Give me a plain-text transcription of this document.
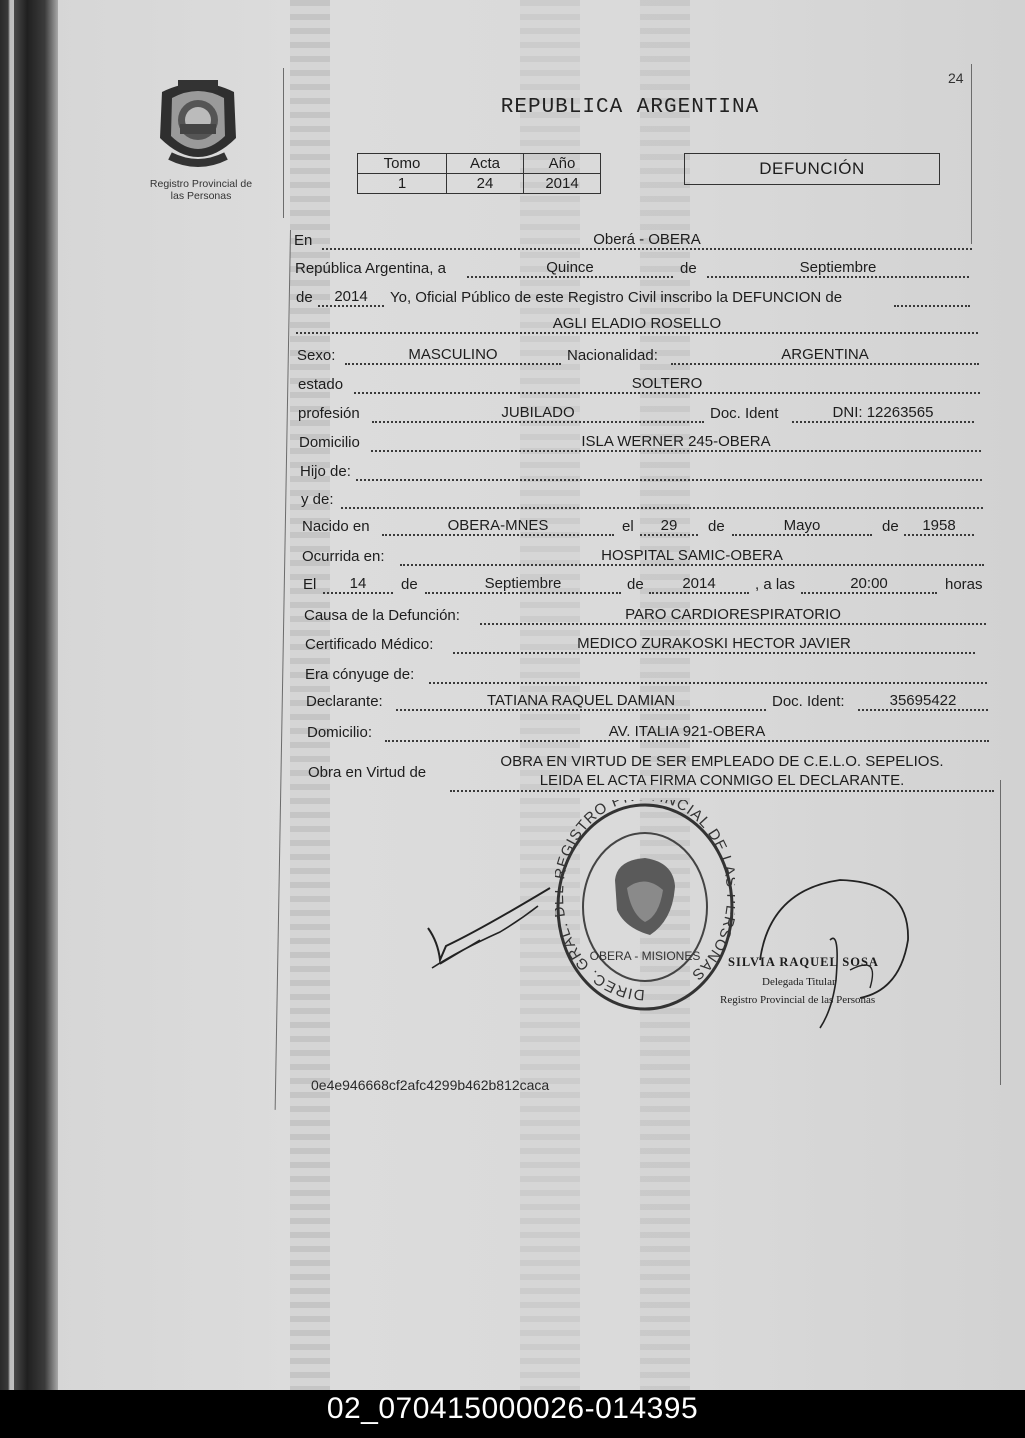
Registro Provincial de
las Personas
24
REPUBLICA ARGENTINA
Tomo	Acta	Año
1	24	2014
DEFUNCIÓN
En	Oberá - OBERA
República Argentina, a	Quince	de	Septiembre
de	2014	Yo, Oficial Público de este Registro Civil inscribo la DEFUNCION de
AGLI ELADIO ROSELLO
Sexo:	MASCULINO	Nacionalidad:	ARGENTINA
estado	SOLTERO
profesión	JUBILADO	Doc. Ident	DNI: 12263565
Domicilio	ISLA WERNER 245-OBERA
Hijo de:
y de:
Nacido en	OBERA-MNES	el	29	de	Mayo	de	1958
Ocurrida en:	HOSPITAL SAMIC-OBERA
El	14	de	Septiembre	de	2014	, a las	20:00	horas
Causa de la Defunción:	PARO CARDIORESPIRATORIO
Certificado Médico:	MEDICO ZURAKOSKI HECTOR JAVIER
Era cónyuge de:
Declarante:	TATIANA RAQUEL DAMIAN	Doc. Ident:	35695422
Domicilio:	AV. ITALIA 921-OBERA
Obra en Virtud de
OBRA EN VIRTUD DE SER EMPLEADO DE C.E.L.O. SEPELIOS.
LEIDA EL ACTA FIRMA CONMIGO EL DECLARANTE.
DIREC. GRAL. EGISTRO P NCIAL DE L SONAS
OBERA - MISIONES SILVIA RAQUEL SOSA
Delegada Titular
Registro Provincial de las Personas
0e4e946668cf2afc4299b462b812caca
02_070415000026-014395
